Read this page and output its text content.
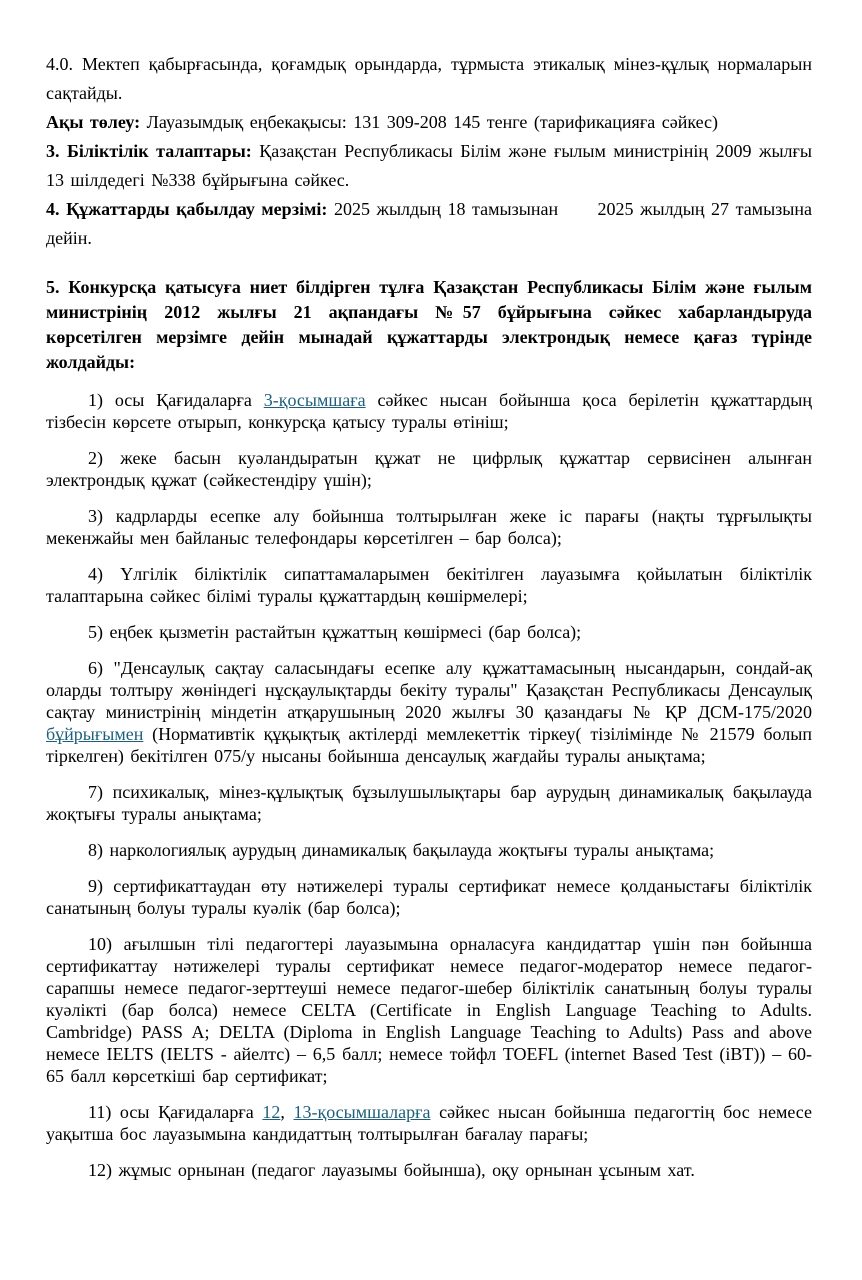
4.0. Мектеп қабырғасында, қоғамдық орындарда, тұрмыста этикалық мінез-құлық нормаларын сақтайды.

Ақы төлеу: Лауазымдық еңбекақысы: 131 309-208 145 тенге (тарификацияға сәйкес)

3. Біліктілік талаптары: Қазақстан Республикасы Білім және ғылым министрінің 2009 жылғы 13 шілдедегі №338 бұйрығына сәйкес.

4. Құжаттарды қабылдау мерзімі: 2025 жылдың 18 тамызынан      2025 жылдың 27 тамызына дейін.

5. Конкурсқа қатысуға ниет білдірген тұлға Қазақстан Республикасы Білім және ғылым министрінің 2012 жылғы 21 ақпандағы №57 бұйрығына сәйкес хабарландыруда көрсетілген мерзімге дейін мынадай құжаттарды электрондық немесе қағаз түрінде жолдайды:

1) осы Қағидаларға 3-қосымшаға сәйкес нысан бойынша қоса берілетін құжаттардың тізбесін көрсете отырып, конкурсқа қатысу туралы өтініш;

2) жеке басын куәландыратын құжат не цифрлық құжаттар сервисінен алынған электрондық құжат (сәйкестендіру үшін);

3) кадрларды есепке алу бойынша толтырылған жеке іс парағы (нақты тұрғылықты мекенжайы мен байланыс телефондары көрсетілген – бар болса);

4) Үлгілік біліктілік сипаттамаларымен бекітілген лауазымға қойылатын біліктілік талаптарына сәйкес білімі туралы құжаттардың көшірмелері;

5) еңбек қызметін растайтын құжаттың көшірмесі (бар болса);

6) "Денсаулық сақтау саласындағы есепке алу құжаттамасының нысандарын, сондай-ақ оларды толтыру жөніндегі нұсқаулықтарды бекіту туралы" Қазақстан Республикасы Денсаулық сақтау министрінің міндетін атқарушының 2020 жылғы 30 қазандағы № ҚР ДСМ-175/2020 бұйрығымен (Нормативтік құқықтық актілерді мемлекеттік тіркеу( тізілімінде № 21579 болып тіркелген) бекітілген 075/у нысаны бойынша денсаулық жағдайы туралы анықтама;

7) психикалық, мінез-құлықтық бұзылушылықтары бар аурудың динамикалық бақылауда жоқтығы туралы анықтама;

8) наркологиялық аурудың динамикалық бақылауда жоқтығы туралы анықтама;

9) сертификаттаудан өту нәтижелері туралы сертификат немесе қолданыстағы біліктілік санатының болуы туралы куәлік (бар болса);

10) ағылшын тілі педагогтері лауазымына орналасуға кандидаттар үшін пән бойынша сертификаттау нәтижелері туралы сертификат немесе педагог-модератор немесе педагог-сарапшы немесе педагог-зерттеуші немесе педагог-шебер біліктілік санатының болуы туралы куәлікті (бар болса) немесе CELTA (Certificate in English Language Teaching to Adults. Cambridge) PASS A; DELTA (Diploma in English Language Teaching to Adults) Pass and above немесе IELTS (IELTS - айелтс) – 6,5 балл; немесе тойфл TOEFL (internet Based Test (iBT)) – 60-65 балл көрсеткіші бар сертификат;

11) осы Қағидаларға 12, 13-қосымшаларға сәйкес нысан бойынша педагогтің бос немесе уақытша бос лауазымына кандидаттың толтырылған бағалау парағы;

12) жұмыс орнынан (педагог лауазымы бойынша), оқу орнынан ұсыным хат.
